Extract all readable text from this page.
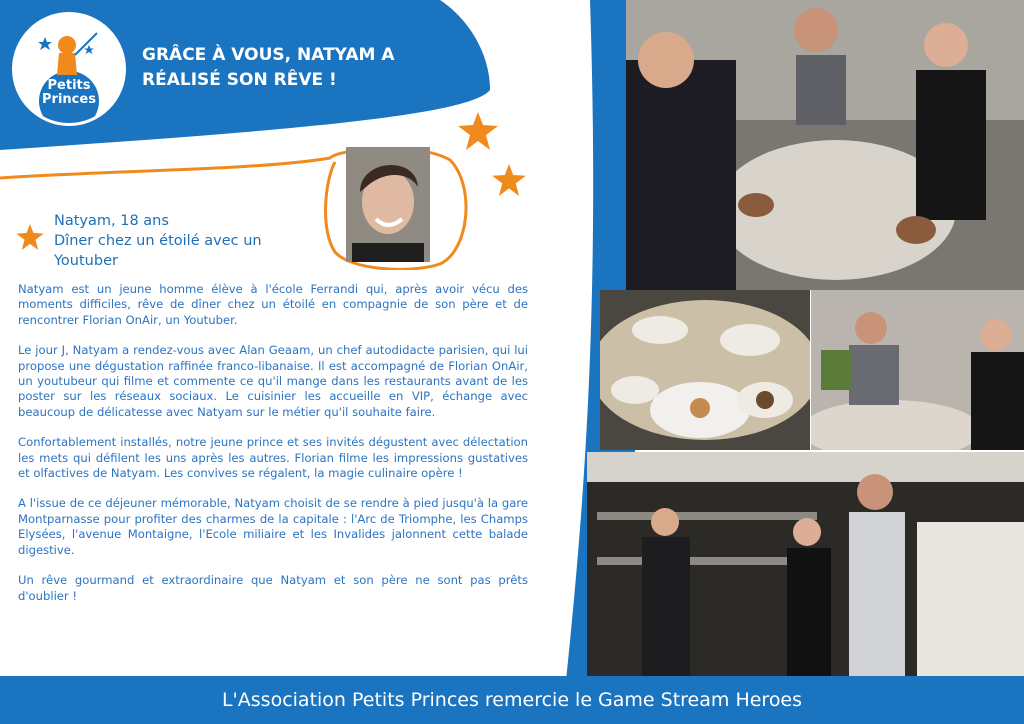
Petits
Princes
GRÂCE À VOUS, NATYAM A
RÉALISÉ SON RÊVE !
Natyam, 18 ans
Dîner chez un étoilé avec un
Youtuber

Natyam est un jeune homme élève à l'école Ferrandi qui, après avoir vécu des moments difficiles, rêve de dîner chez un étoilé en compagnie de son père et de rencontrer Florian OnAir, un Youtuber.

Le jour J, Natyam a rendez-vous avec Alan Geaam, un chef autodidacte parisien, qui lui propose une dégustation raffinée franco-libanaise. Il est accompagné de Florian OnAir, un youtubeur qui filme et commente ce qu'il mange dans les restaurants avant de les poster sur les réseaux sociaux. Le cuisinier les accueille en VIP, échange avec beaucoup de délicatesse avec Natyam sur le métier qu'il souhaite faire.

Confortablement installés, notre jeune prince et ses invités dégustent avec délectation les mets qui défilent les uns après les autres. Florian filme les impressions gustatives et olfactives de Natyam. Les convives se régalent, la magie culinaire opère !

A l'issue de ce déjeuner mémorable, Natyam choisit de se rendre à pied jusqu'à la gare Montparnasse pour profiter des charmes de la capitale : l'Arc de Triomphe, les Champs Elysées, l'avenue Montaigne, l'Ecole miliaire et les Invalides jalonnent cette balade digestive.

Un rêve gourmand et extraordinaire que Natyam et son père ne sont pas prêts d'oublier !

L'Association Petits Princes remercie le Game Stream Heroes
